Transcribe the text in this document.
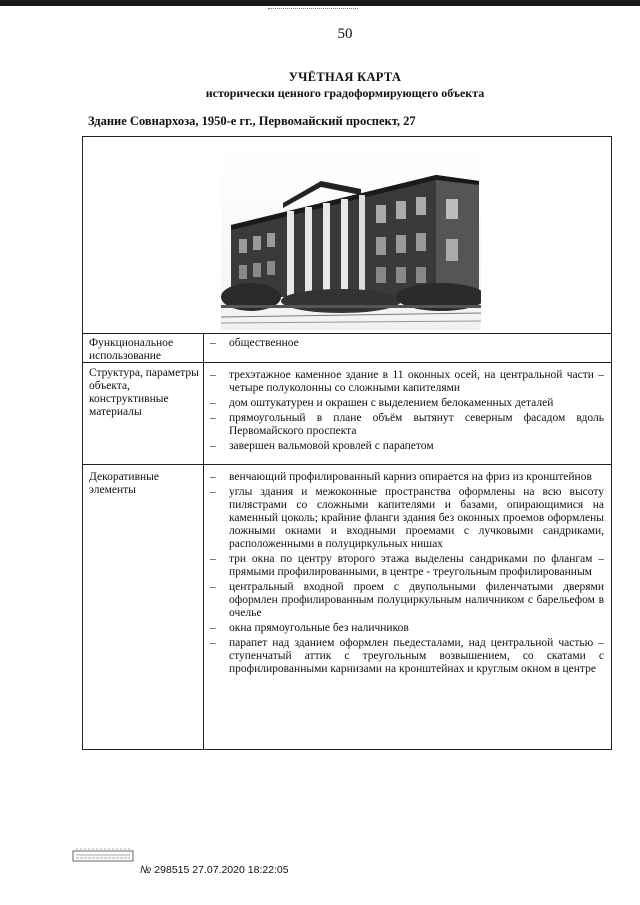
50
УЧЁТНАЯ КАРТА
исторически ценного градоформирующего объекта
Здание Совнархоза, 1950-е гг., Первомайский проспект, 27
Функциональное использование
– общественное
Структура, параметры объекта, конструктивные материалы
– трехэтажное каменное здание в 11 оконных осей, на центральной части – четыре полуколонны со сложными капителями
– дом оштукатурен и окрашен с выделением белокаменных деталей
– прямоугольный в плане объём вытянут северным фасадом вдоль Первомайского проспекта
– завершен вальмовой кровлей с парапетом
Декоративные элементы
– венчающий профилированный карниз опирается на фриз из кронштейнов
– углы здания и межоконные пространства оформлены на всю высоту пилястрами со сложными капителями и базами, опирающимися на каменный цоколь; крайние фланги здания без оконных проемов оформлены ложными окнами и входными проемами с лучковыми сандриками, расположенными в полуциркульных нишах
– три окна по центру второго этажа выделены сандриками по флангам – прямыми профилированными, в центре - треугольным профилированным
– центральный входной проем с двупольными филенчатыми дверями оформлен профилированным полуциркульным наличником с барельефом в очелье
– окна прямоугольные без наличников
– парапет над зданием оформлен пьедесталами, над центральной частью – ступенчатый аттик с треугольным возвышением, со скатами с профилированными карнизами на кронштейнах и круглым окном в центре
№ 298515 27.07.2020 18:22:05
